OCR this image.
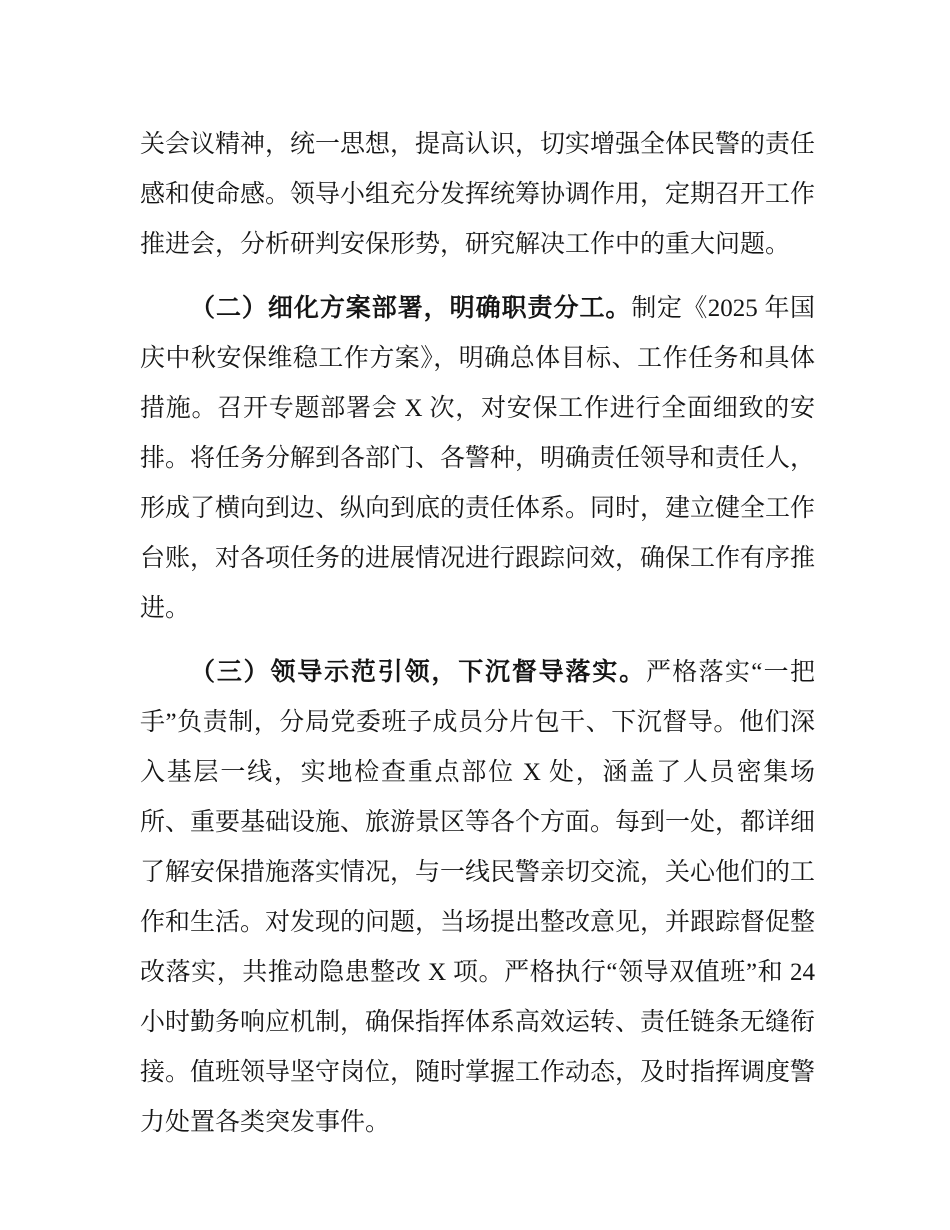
关会议精神，统一思想，提高认识，切实增强全体民警的责任感和使命感。领导小组充分发挥统筹协调作用，定期召开工作推进会，分析研判安保形势，研究解决工作中的重大问题。

（二）细化方案部署，明确职责分工。制定《2025 年国庆中秋安保维稳工作方案》，明确总体目标、工作任务和具体措施。召开专题部署会 X 次，对安保工作进行全面细致的安排。将任务分解到各部门、各警种，明确责任领导和责任人，形成了横向到边、纵向到底的责任体系。同时，建立健全工作台账，对各项任务的进展情况进行跟踪问效，确保工作有序推进。

（三）领导示范引领，下沉督导落实。严格落实“一把手”负责制，分局党委班子成员分片包干、下沉督导。他们深入基层一线，实地检查重点部位 X 处，涵盖了人员密集场所、重要基础设施、旅游景区等各个方面。每到一处，都详细了解安保措施落实情况，与一线民警亲切交流，关心他们的工作和生活。对发现的问题，当场提出整改意见，并跟踪督促整改落实，共推动隐患整改 X 项。严格执行“领导双值班”和 24 小时勤务响应机制，确保指挥体系高效运转、责任链条无缝衔接。值班领导坚守岗位，随时掌握工作动态，及时指挥调度警力处置各类突发事件。
